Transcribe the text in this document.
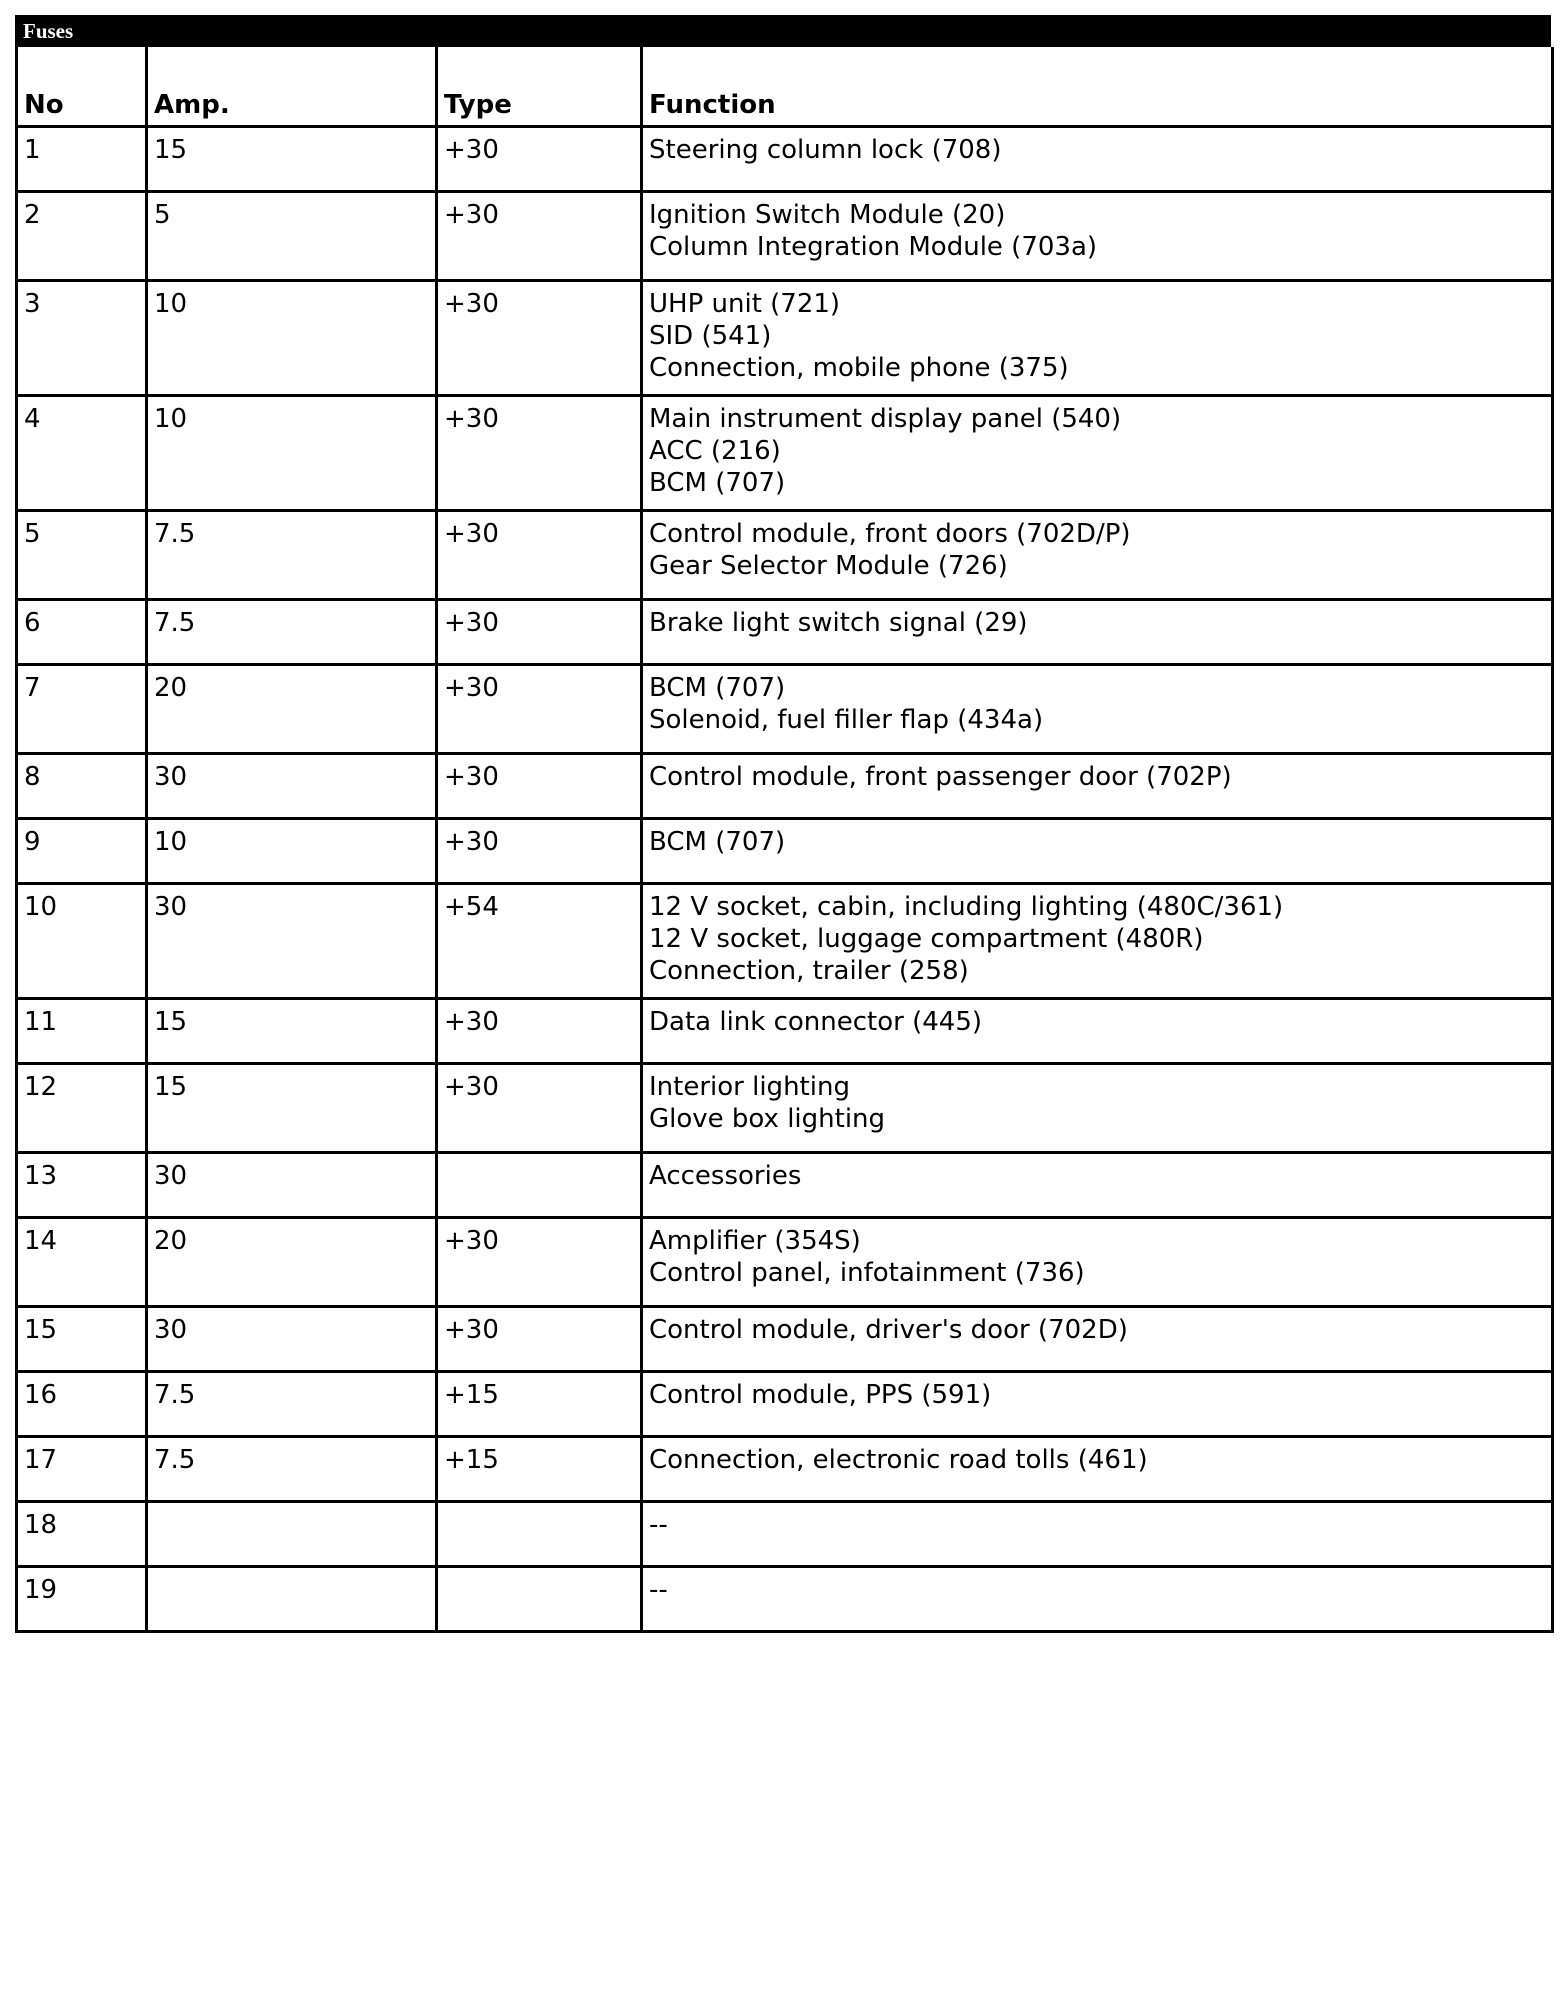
Fuses
No	Amp.	Type	Function
1	15	+30	Steering column lock (708)

2	5	+30	Ignition Switch Module (20)
Column Integration Module (703a)

3	10	+30	UHP unit (721)
SID (541)
Connection, mobile phone (375)

4	10	+30	Main instrument display panel (540)
ACC (216)
BCM (707)

5	7.5	+30	Control module, front doors (702D/P)
Gear Selector Module (726)

6	7.5	+30	Brake light switch signal (29)

7	20	+30	BCM (707)
Solenoid, fuel filler flap (434a)

8	30	+30	Control module, front passenger door (702P)

9	10	+30	BCM (707)

10	30	+54	12 V socket, cabin, including lighting (480C/361)
12 V socket, luggage compartment (480R)
Connection, trailer (258)

11	15	+30	Data link connector (445)

12	15	+30	Interior lighting
Glove box lighting

13	30		Accessories

14	20	+30	Amplifier (354S)
Control panel, infotainment (736)

15	30	+30	Control module, driver's door (702D)

16	7.5	+15	Control module, PPS (591)

17	7.5	+15	Connection, electronic road tolls (461)

18			--

19			--
